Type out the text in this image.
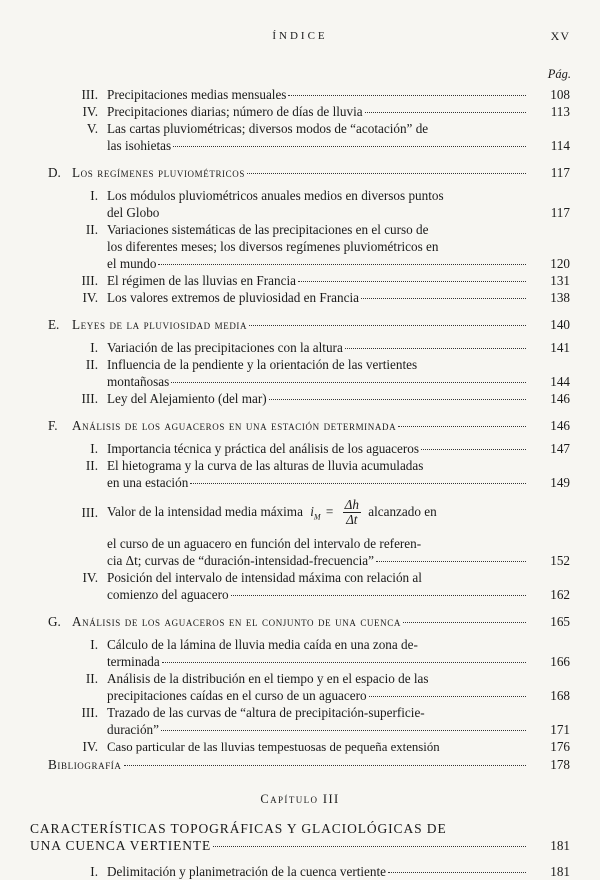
ÍNDICE	XV
Pág.
III. Precipitaciones medias mensuales	108
IV. Precipitaciones diarias; número de días de lluvia	113
V. Las cartas pluviométricas; diversos modos de “acotación” de
las isohietas	114
D. Los regímenes pluviométricos	117
I. Los módulos pluviométricos anuales medios en diversos puntos
del Globo	117
II. Variaciones sistemáticas de las precipitaciones en el curso de
los diferentes meses; los diversos regímenes pluviométricos en
el mundo	120
III. El régimen de las lluvias en Francia	131
IV. Los valores extremos de pluviosidad en Francia	138
E. Leyes de la pluviosidad media	140
I. Variación de las precipitaciones con la altura	141
II. Influencia de la pendiente y la orientación de las vertientes
montañosas	144
III. Ley del Alejamiento (del mar)	146
F.	Análisis de los aguaceros en una estación determinada	146
I. Importancia técnica y práctica del análisis de los aguaceros	147
II. El hietograma y la curva de las alturas de lluvia acumuladas
en una estación	149
III. Valor de la intensidad media máxima $i_M = \frac{\Delta h}{\Delta t}$ alcanzado en
el curso de un aguacero en función del intervalo de referen-
cia Δt; curvas de “duración-intensidad-frecuencia”	152
IV. Posición del intervalo de intensidad máxima con relación al
comienzo del aguacero	162
G. Análisis de los aguaceros en el conjunto de una cuenca	165
I. Cálculo de la lámina de lluvia media caída en una zona de-
terminada	166
II. Análisis de la distribución en el tiempo y en el espacio de las
precipitaciones caídas en el curso de un aguacero	168
III. Trazado de las curvas de “altura de precipitación-superficie-
duración”	171
IV. Caso particular de las lluvias tempestuosas de pequeña extensión	176
Bibliografía	178
Capítulo III
CARACTERÍSTICAS TOPOGRÁFICAS Y GLACIOLÓGICAS DE
UNA CUENCA VERTIENTE	181
I. Delimitación y planimetración de la cuenca vertiente	181
